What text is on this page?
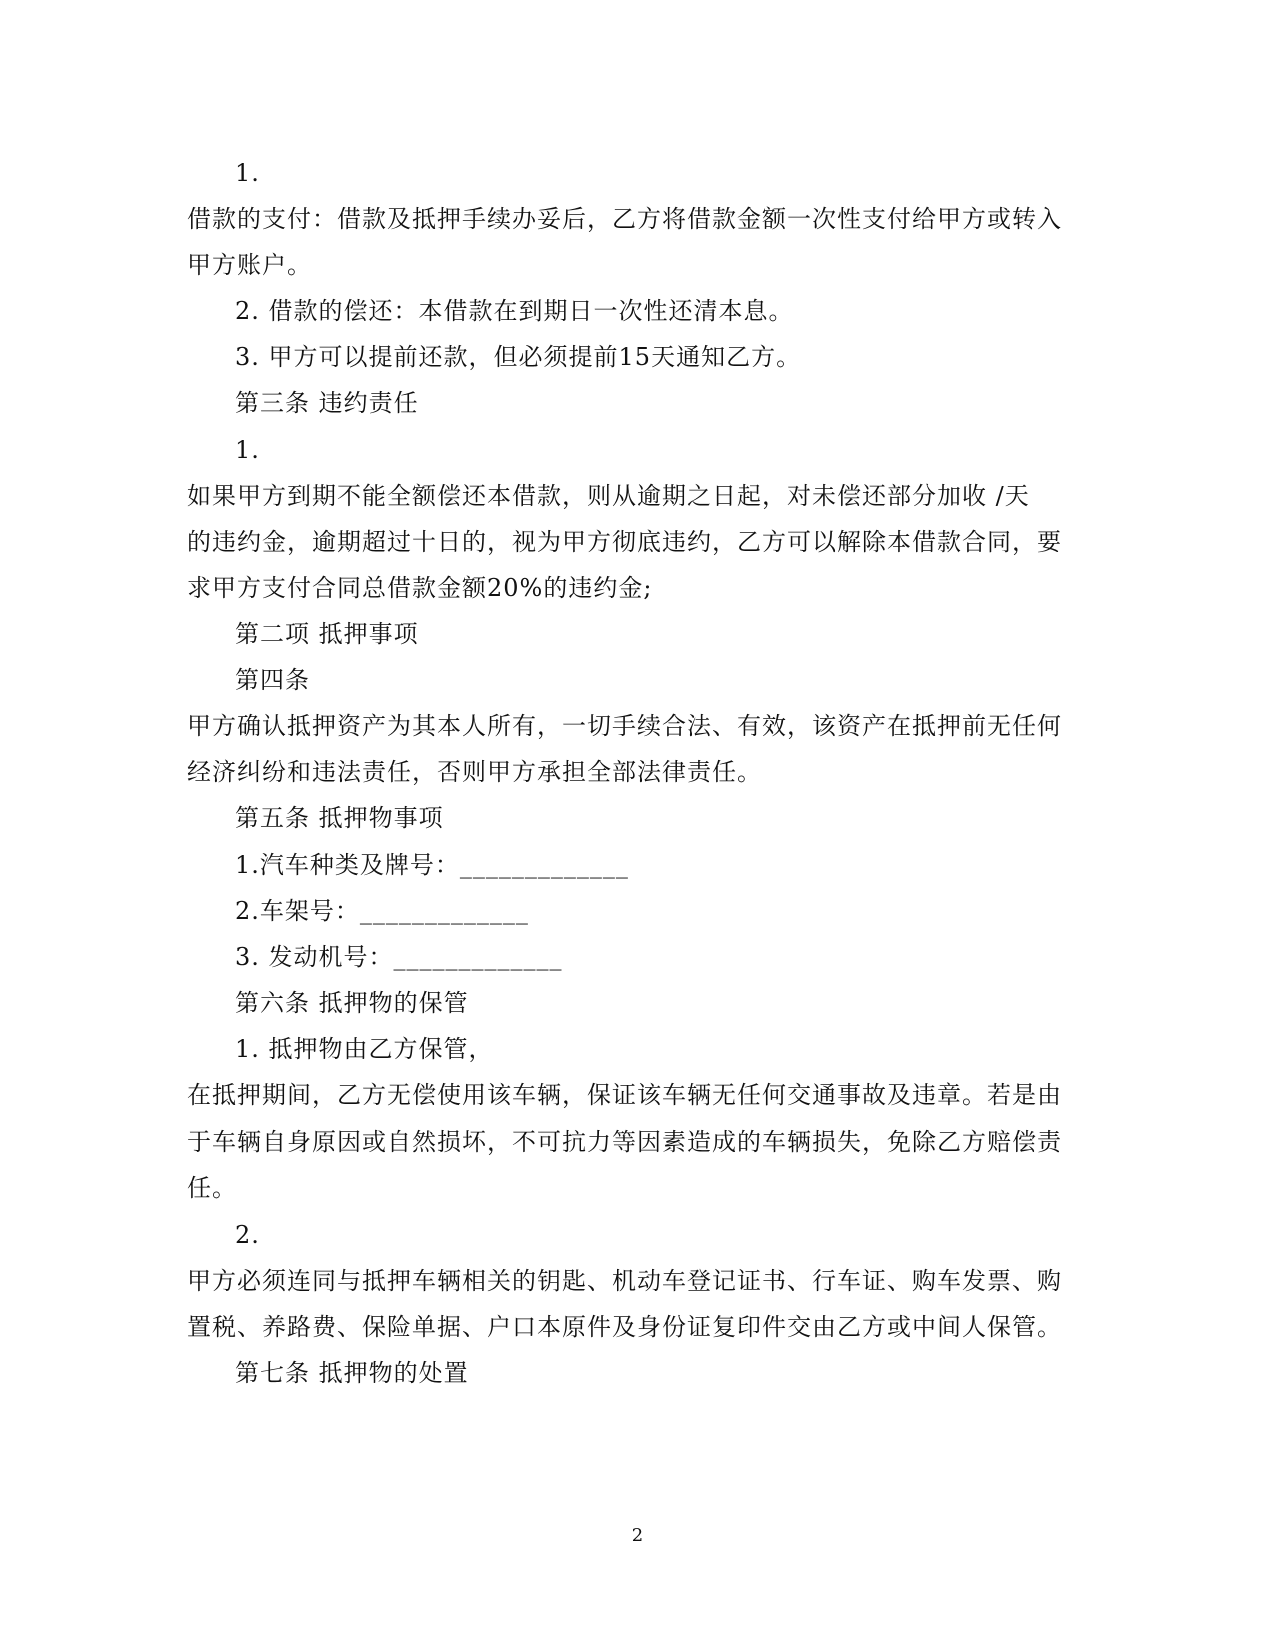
1.
借款的支付：借款及抵押手续办妥后，乙方将借款金额一次性支付给甲方或转入
甲方账户。
2. 借款的偿还：本借款在到期日一次性还清本息。
3. 甲方可以提前还款，但必须提前15天通知乙方。
第三条 违约责任
1.
如果甲方到期不能全额偿还本借款，则从逾期之日起，对未偿还部分加收 /天
的违约金，逾期超过十日的，视为甲方彻底违约，乙方可以解除本借款合同，要
求甲方支付合同总借款金额20%的违约金;
第二项 抵押事项
第四条
甲方确认抵押资产为其本人所有，一切手续合法、有效，该资产在抵押前无任何
经济纠纷和违法责任，否则甲方承担全部法律责任。
第五条 抵押物事项
1.汽车种类及牌号：_____________
2.车架号：_____________
3. 发动机号：_____________
第六条 抵押物的保管
1. 抵押物由乙方保管，
在抵押期间，乙方无偿使用该车辆，保证该车辆无任何交通事故及违章。若是由
于车辆自身原因或自然损坏，不可抗力等因素造成的车辆损失，免除乙方赔偿责
任。
2.
甲方必须连同与抵押车辆相关的钥匙、机动车登记证书、行车证、购车发票、购
置税、养路费、保险单据、户口本原件及身份证复印件交由乙方或中间人保管。
第七条 抵押物的处置
2
